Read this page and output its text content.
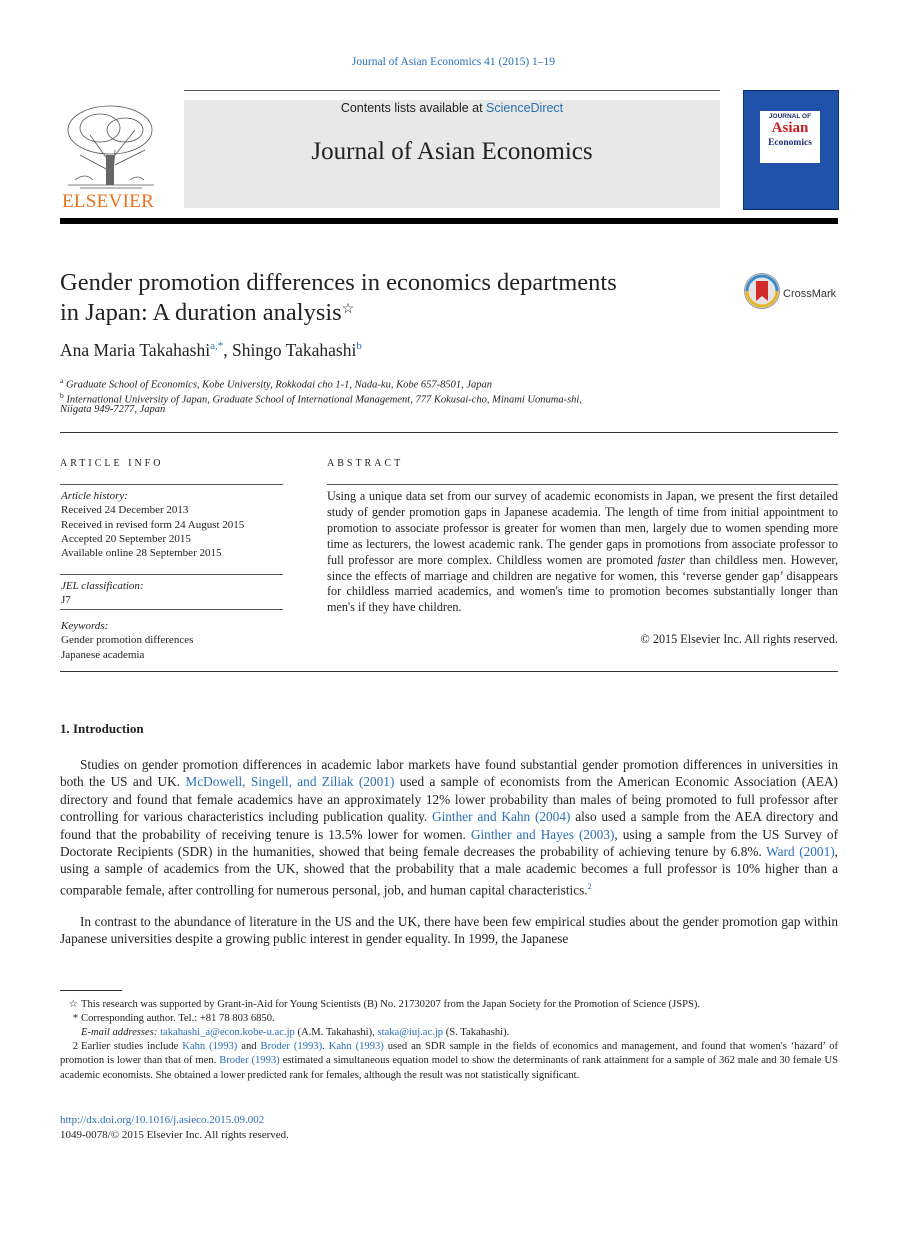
Journal of Asian Economics 41 (2015) 1–19
ELSEVIER
Contents lists available at ScienceDirect
Journal of Asian Economics
JOURNAL OF
Asian
Economics
Gender promotion differences in economics departments
in Japan: A duration analysis☆
CrossMark
Ana Maria Takahashi$^{a,*}$, Shingo Takahashi$^b$
$^a$ Graduate School of Economics, Kobe University, Rokkodai cho 1-1, Nada-ku, Kobe 657-8501, Japan
$^b$ International University of Japan, Graduate School of International Management, 777 Kokusai-cho, Minami Uonuma-shi,
Niigata 949-7277, Japan
ARTICLE INFO	ABSTRACT
Article history:
Received 24 December 2013
Received in revised form 24 August 2015
Accepted 20 September 2015
Available online 28 September 2015
JEL classification:
J7
Keywords:
Gender promotion differences
Japanese academia
Using a unique data set from our survey of academic economists in Japan, we present the first detailed study of gender promotion gaps in Japanese academia. The length of time from initial appointment to promotion to associate professor is greater for women than men, largely due to women spending more time as lecturers, the lowest academic rank. The gender gaps in promotions from associate professor to full professor are more complex. Childless women are promoted faster than childless men. However, since the effects of marriage and children are negative for women, this ‘reverse gender gap’ disappears for childless married academics, and women's time to promotion becomes substantially longer than men's if they have children.
© 2015 Elsevier Inc. All rights reserved.
1. Introduction
Studies on gender promotion differences in academic labor markets have found substantial gender promotion differences in universities in both the US and UK. McDowell, Singell, and Ziliak (2001) used a sample of economists from the American Economic Association (AEA) directory and found that female academics have an approximately 12% lower probability than males of being promoted to full professor after controlling for various characteristics including publication quality. Ginther and Kahn (2004) also used a sample from the AEA directory and found that the probability of receiving tenure is 13.5% lower for women. Ginther and Hayes (2003), using a sample from the US Survey of Doctorate Recipients (SDR) in the humanities, showed that being female decreases the probability of achieving tenure by 6.8%. Ward (2001), using a sample of academics from the UK, showed that the probability that a male academic becomes a full professor is 10% higher than a comparable female, after controlling for numerous personal, job, and human capital characteristics.$^2$
In contrast to the abundance of literature in the US and the UK, there have been few empirical studies about the gender promotion gap within Japanese universities despite a growing public interest in gender equality. In 1999, the Japanese
☆ This research was supported by Grant-in-Aid for Young Scientists (B) No. 21730207 from the Japan Society for the Promotion of Science (JSPS).
* Corresponding author. Tel.: +81 78 803 6850.
E-mail addresses: takahashi_a@econ.kobe-u.ac.jp (A.M. Takahashi), staka@iuj.ac.jp (S. Takahashi).
2 Earlier studies include Kahn (1993) and Broder (1993). Kahn (1993) used an SDR sample in the fields of economics and management, and found that women's ‘hazard’ of promotion is lower than that of men. Broder (1993) estimated a simultaneous equation model to show the determinants of rank attainment for a sample of 362 male and 30 female US academic economists. She obtained a lower predicted rank for females, although the result was not statistically significant.
http://dx.doi.org/10.1016/j.asieco.2015.09.002
1049-0078/© 2015 Elsevier Inc. All rights reserved.
